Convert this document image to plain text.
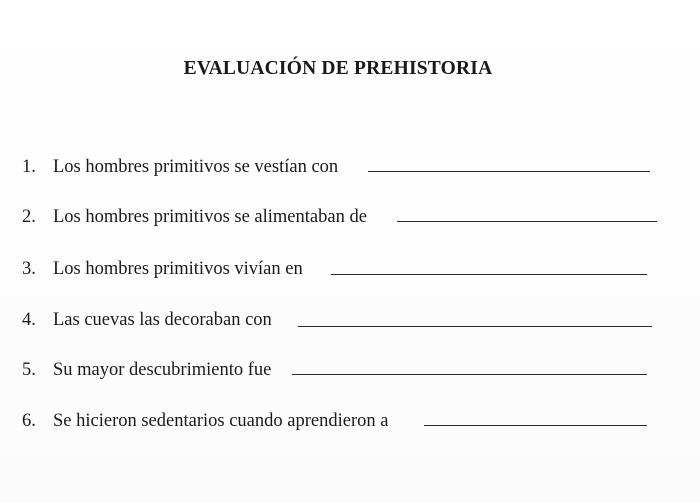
EVALUACIÓN DE PREHISTORIA
1. Los hombres primitivos se vestían con
2. Los hombres primitivos se alimentaban de
3. Los hombres primitivos vivían en
4. Las cuevas las decoraban con
5. Su mayor descubrimiento fue
6. Se hicieron sedentarios cuando aprendieron a
